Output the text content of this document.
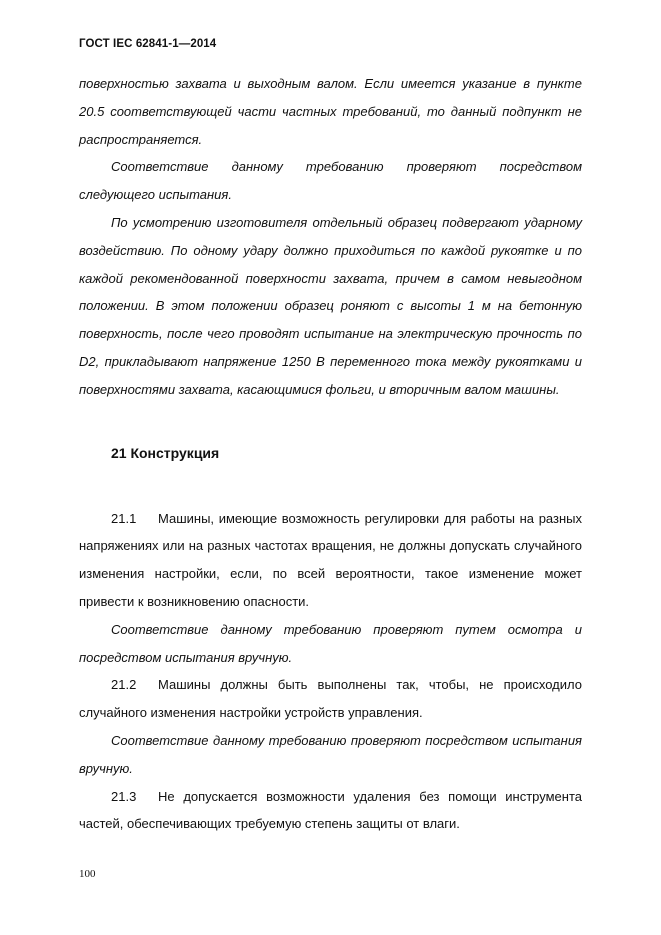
ГОСТ IEC 62841-1—2014

поверхностью захвата и выходным валом. Если имеется указание в пункте 20.5 соответствующей части частных требований, то данный подпункт не распространяется.

Соответствие данному требованию проверяют посредством следующего испытания.

По усмотрению изготовителя отдельный образец подвергают ударному воздействию. По одному удару должно приходиться по каждой рукоятке и по каждой рекомендованной поверхности захвата, причем в самом невыгодном положении. В этом положении образец роняют с высоты 1 м на бетонную поверхность, после чего проводят испытание на электрическую прочность по D2, прикладывают напряжение 1250 В переменного тока между рукоятками и поверхностями захвата, касающимися фольги, и вторичным валом машины.

21 Конструкция

21.1 Машины, имеющие возможность регулировки для работы на разных напряжениях или на разных частотах вращения, не должны допускать случайного изменения настройки, если, по всей вероятности, такое изменение может привести к возникновению опасности.

Соответствие данному требованию проверяют путем осмотра и посредством испытания вручную.

21.2 Машины должны быть выполнены так, чтобы, не происходило случайного изменения настройки устройств управления.

Соответствие данному требованию проверяют посредством испытания вручную.

21.3 Не допускается возможности удаления без помощи инструмента частей, обеспечивающих требуемую степень защиты от влаги.

100
